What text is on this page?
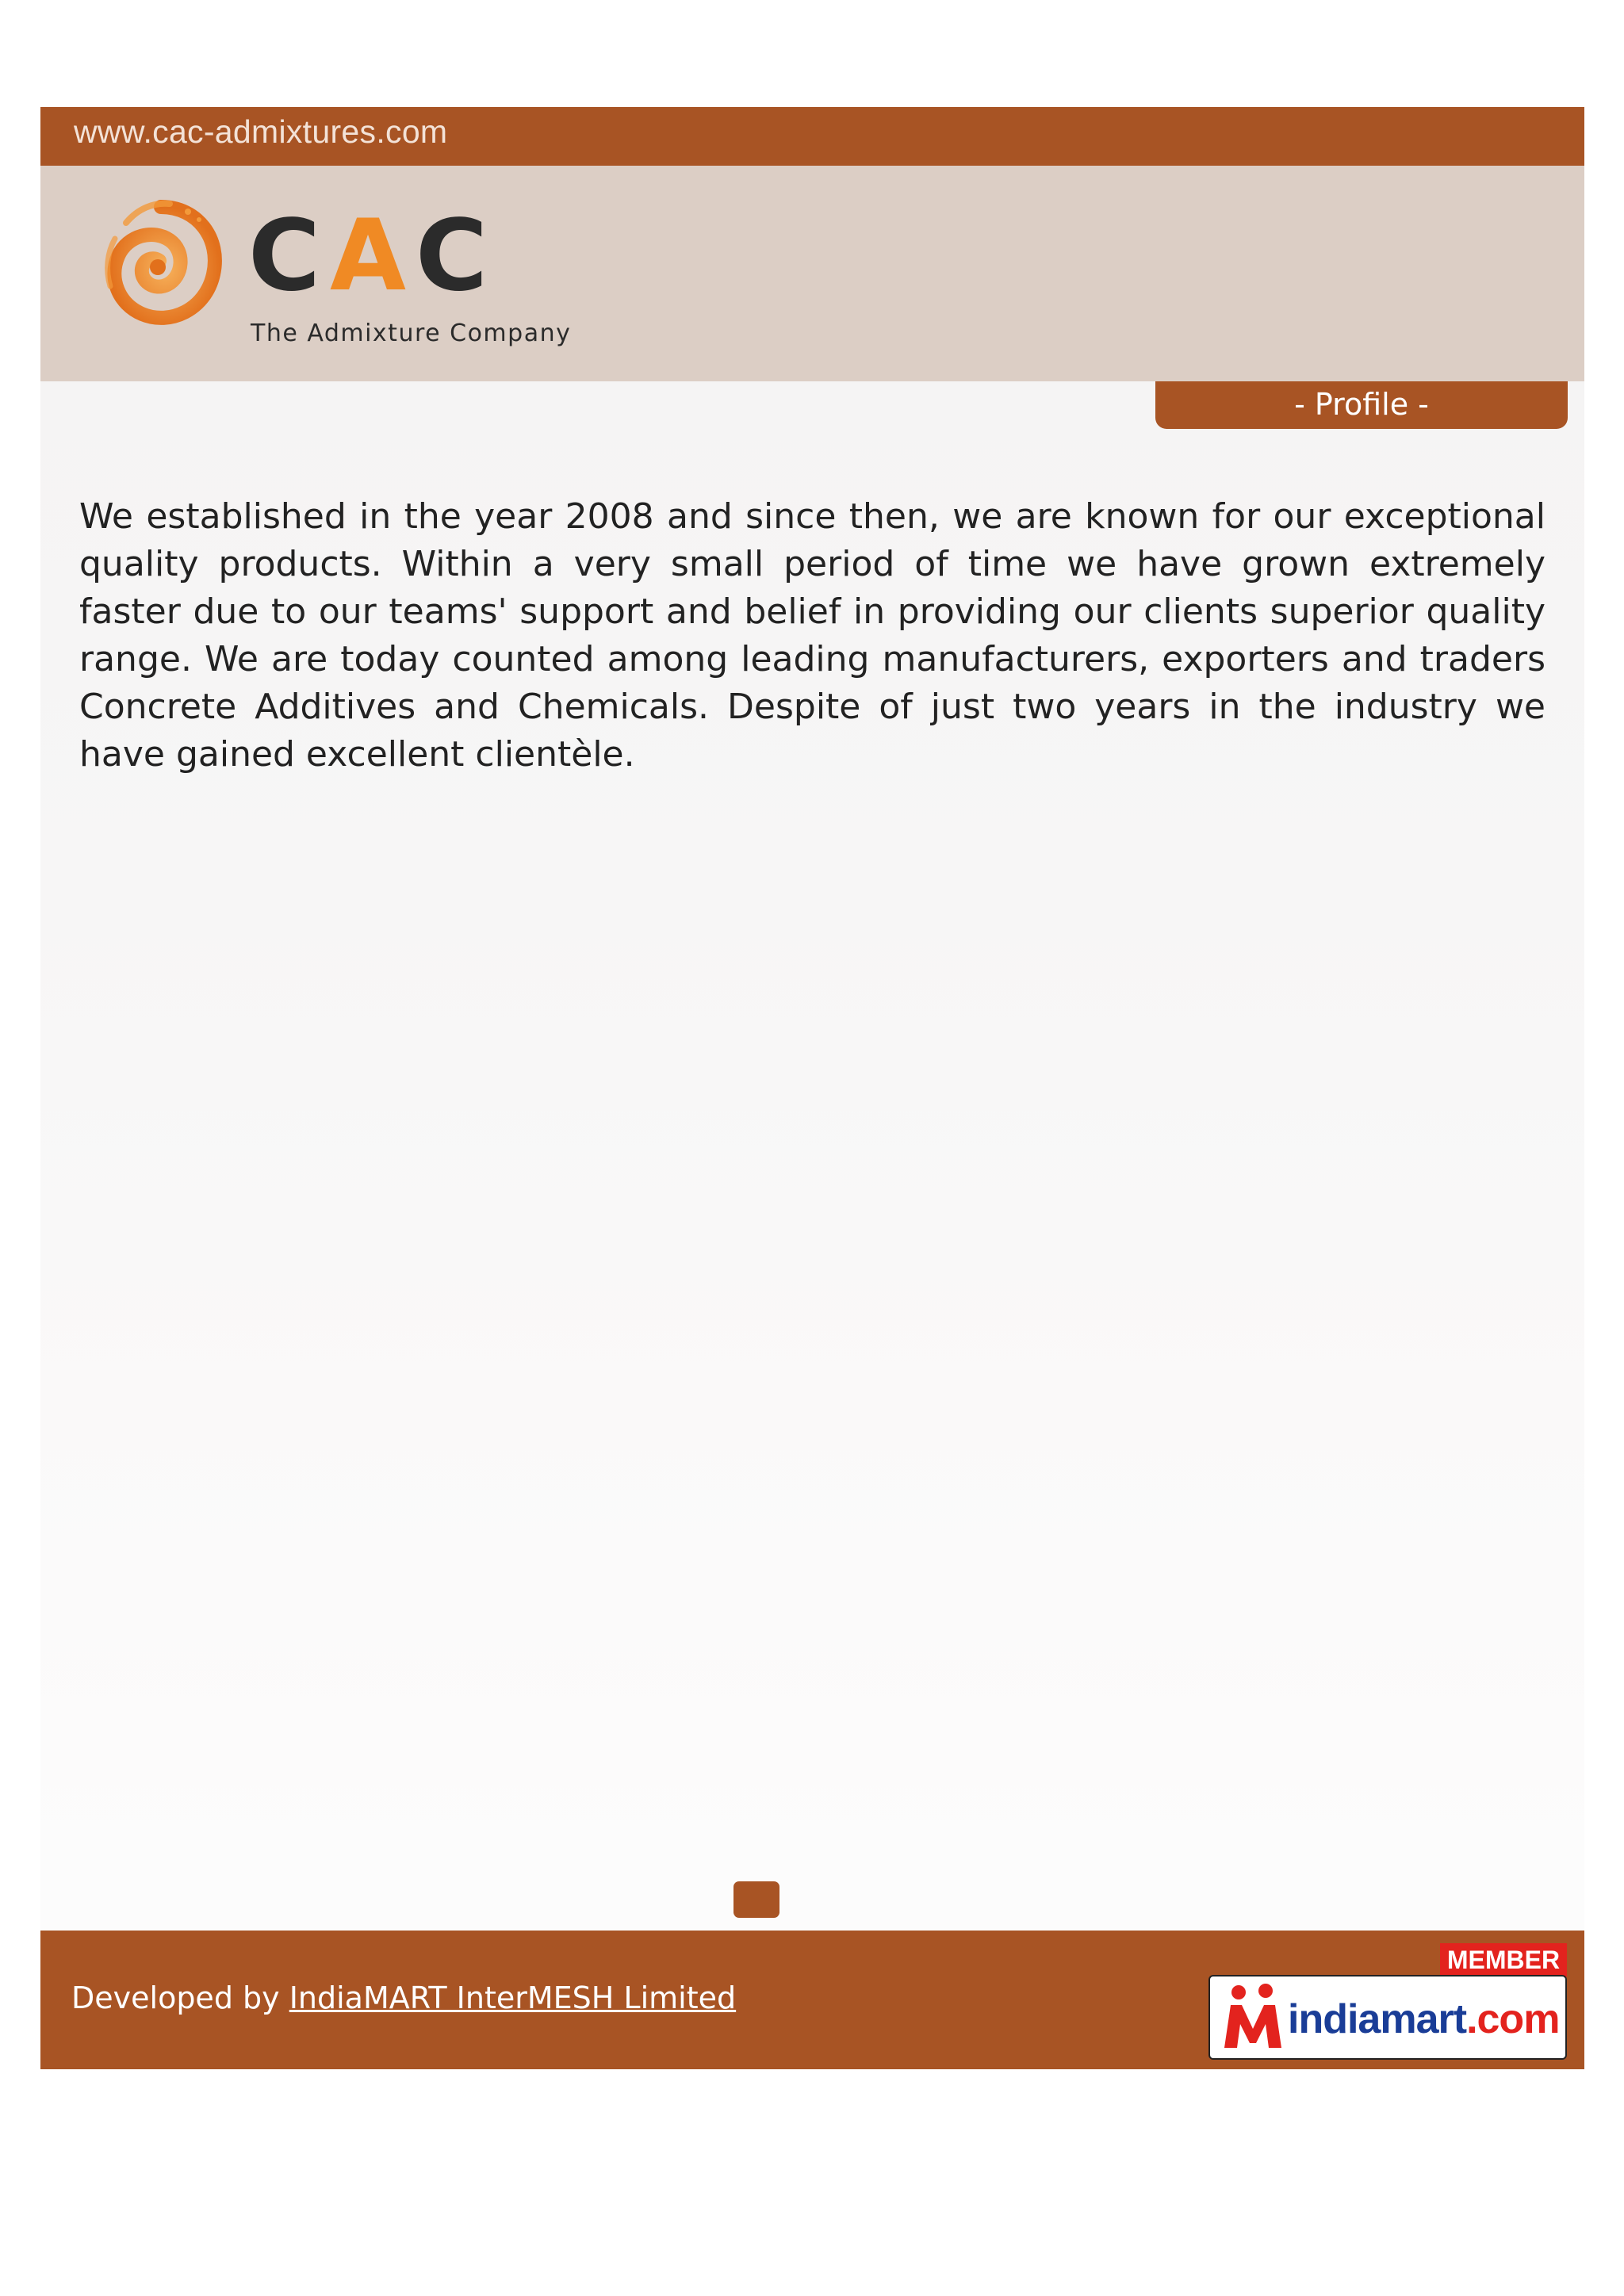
www.cac-admixtures.com
CAC
The Admixture Company
- Profile -

We established in the year 2008 and since then, we are known for our exceptional quality products. Within a very small period of time we have grown extremely faster due to our teams' support and belief in providing our clients superior quality range. We are today counted among leading manufacturers, exporters and traders Concrete Additives and Chemicals. Despite of just two years in the industry we have gained excellent clientèle.

Developed by IndiaMART InterMESH Limited
MEMBER
indiamart.com
